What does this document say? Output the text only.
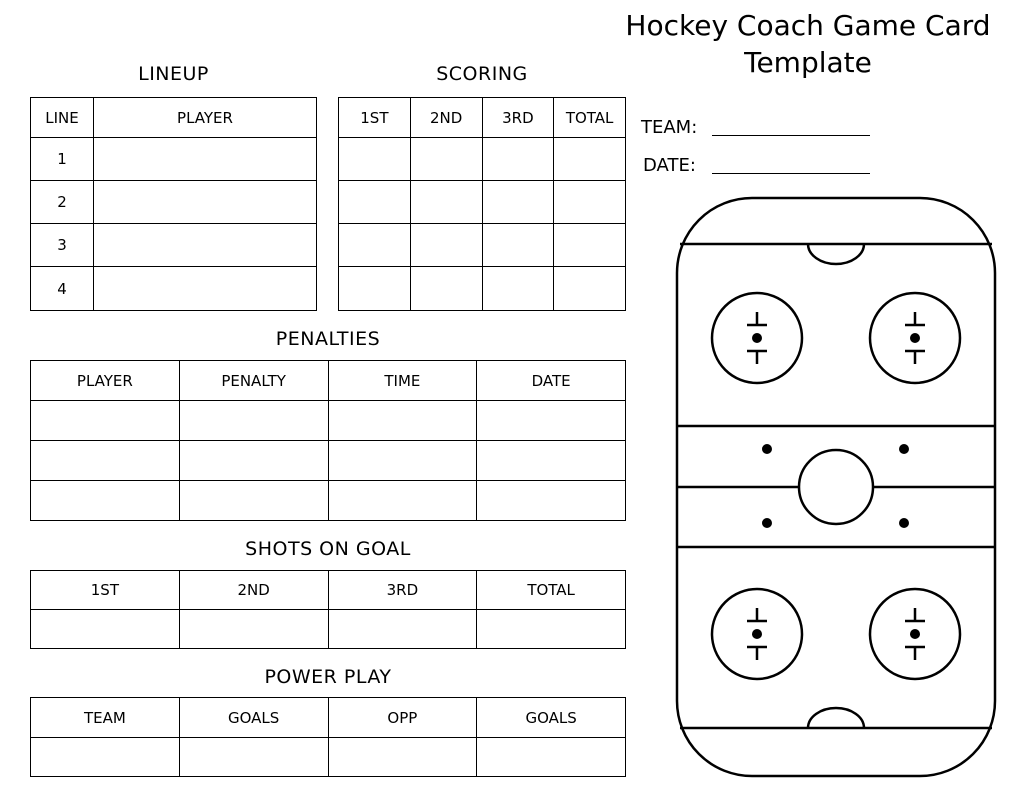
Hockey Coach Game Card
Template
LINEUP
LINE	PLAYER
1	
2	
3	
4	
SCORING
1ST	2ND	3RD	TOTAL

PENALTIES
PLAYER	PENALTY	TIME	DATE

SHOTS ON GOAL
1ST	2ND	3RD	TOTAL

POWER PLAY
TEAM	GOALS	OPP	GOALS

TEAM:
DATE:
